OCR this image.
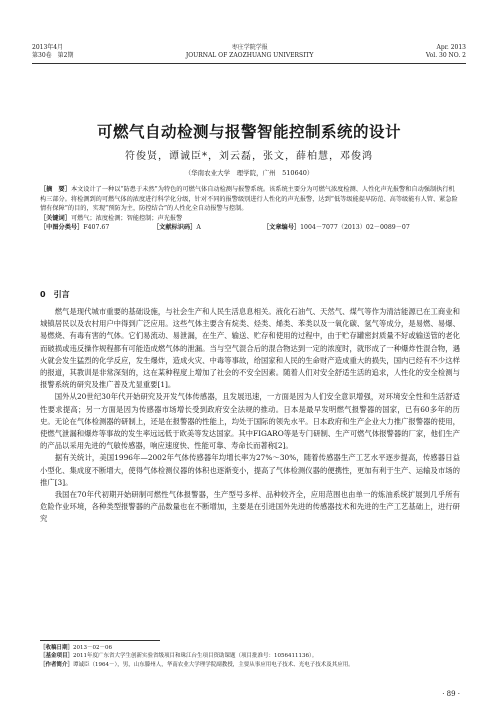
2013年4月	枣庄学院学报	Apr. 2013
第30卷　第2期	JOURNAL OF ZAOZHUANG UNIVERSITY	Vol. 30 NO. 2
可燃气自动检测与报警智能控制系统的设计
符俊贤，谭诚臣*，刘云磊，张文，薛柏慧，邓俊鸿
（华南农业大学　理学院，广州　510640）

［摘　要］本文设计了一种以“防患于未然”为特色的可燃气体自动检测与报警系统。该系统主要分为可燃气浓度检测、人性化声光报警和自动强制执行机构三部分。将检测到的可燃气体的浓度进行科学化分级，针对不同的报警级别进行人性化的声光报警，达到“低等级能提早防范、高等级能有人管、紧急险情有保障”的目的，实现“预防为主，防控结合”的人性化全自动报警与控制。

［关键词］可燃气；浓度检测；智能控制；声光报警

［中图分类号］F407.67	［文献标识码］A	［文章编号］1004－7077（2013）02－0089－07
0　引言

燃气是现代城市重要的基础设施，与社会生产和人民生活息息相关。液化石油气、天然气、煤气等作为清洁能源已在工商业和城镇居民以及农村用户中得到广泛应用。这些气体主要含有烷类、烃类、烯类、苯类以及一氧化碳、氢气等成分，是易燃、易爆、易燃烧、有毒有害的气体。它们易流动、易泄漏，在生产、输送、贮存和使用的过程中，由于贮存罐密封质量不好或输送管的老化而破损或违反操作规程都有可能造成燃气体的泄漏。当与空气混合后的混合物达到一定的浓度时，就形成了一种爆炸性混合物，遇火就会发生猛烈的化学反应，发生爆炸，造成火灾、中毒等事故，给国家和人民的生命财产造成重大的损失，国内已经有不少这样的报道，其教训是非常深刻的，这在某种程度上增加了社会的不安全因素。随着人们对安全舒适生活的追求，人性化的安全检测与报警系统的研究及推广普及尤显重要[1]。

国外从20世纪30年代开始研究及开发气体传感器，且发展迅速，一方面是因为人们安全意识增强，对环境安全性和生活舒适性要求提高；另一方面是因为传感器市场增长受到政府安全法规的推动。日本是最早发明燃气报警器的国家，已有60多年的历史。无论在气体检测器的研制上，还是在报警器的性能上，均处于国际的领先水平。日本政府和生产企业大力推广报警器的使用，使燃气泄漏和爆炸等事故的发生率远远低于欧美等发达国家。其中FIGARO等是专门研制、生产可燃气体报警器的厂家，他们生产的产品以采用先进的气敏传感器，响应速度快、性能可靠、寿命长而著称[2]。

据有关统计，美国1996年—2002年气体传感器年均增长率为27%～30%，随着传感器生产工艺水平逐步提高，传感器日益小型化、集成度不断增大，使得气体检测仪器的体积也逐渐变小，提高了气体检测仪器的便携性，更加有利于生产、运输及市场的推广[3]。

我国在70年代初期开始研制可燃性气体报警器，生产型号多样、品种较齐全，应用范围也由单一的炼油系统扩展到几乎所有危险作业环境，各种类型报警器的产品数量也在不断增加，主要是在引进国外先进的传感器技术和先进的生产工艺基础上，进行研究

［收稿日期］2013－02－06

［基金项目］2011年度广东省大学生创新实验省级项目和珠江台生项目资助课题（项目批准号：1056411136）。

［作者简介］谭诚臣（1964－），男，山东滕州人，华南农业大学理学院副教授，主要从事应用电子技术、光电子技术及其应用。

· 89 ·
